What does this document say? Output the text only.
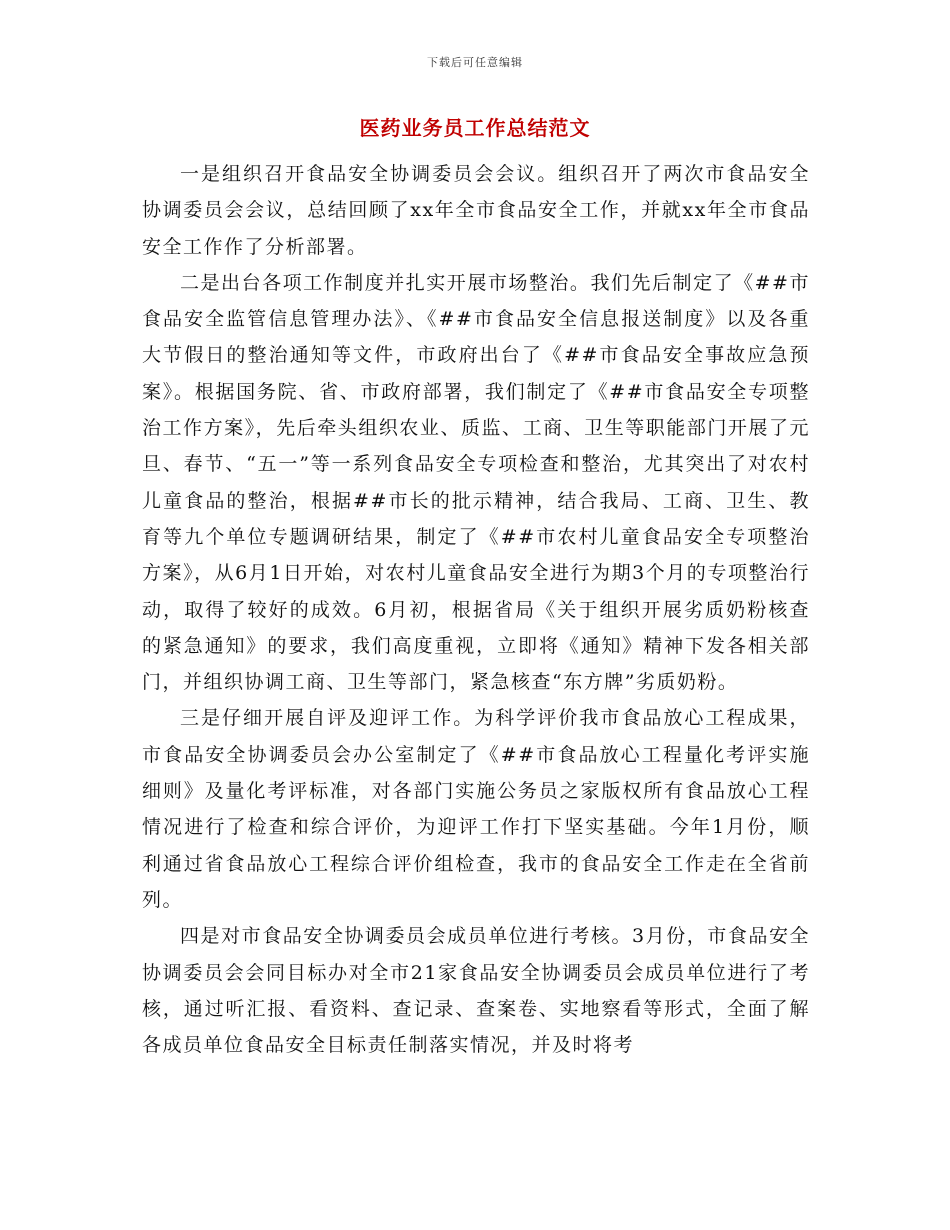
下载后可任意编辑
医药业务员工作总结范文

一是组织召开食品安全协调委员会会议。组织召开了两次市食品安全协调委员会会议，总结回顾了xx年全市食品安全工作，并就xx年全市食品安全工作作了分析部署。

二是出台各项工作制度并扎实开展市场整治。我们先后制定了《##市食品安全监管信息管理办法》、《##市食品安全信息报送制度》以及各重大节假日的整治通知等文件，市政府出台了《##市食品安全事故应急预案》。根据国务院、省、市政府部署，我们制定了《##市食品安全专项整治工作方案》，先后牵头组织农业、质监、工商、卫生等职能部门开展了元旦、春节、“五一”等一系列食品安全专项检查和整治，尤其突出了对农村儿童食品的整治，根据##市长的批示精神，结合我局、工商、卫生、教育等九个单位专题调研结果，制定了《##市农村儿童食品安全专项整治方案》，从6月1日开始，对农村儿童食品安全进行为期3个月的专项整治行动，取得了较好的成效。6月初，根据省局《关于组织开展劣质奶粉核查的紧急通知》的要求，我们高度重视，立即将《通知》精神下发各相关部门，并组织协调工商、卫生等部门，紧急核查“东方牌”劣质奶粉。

三是仔细开展自评及迎评工作。为科学评价我市食品放心工程成果，市食品安全协调委员会办公室制定了《##市食品放心工程量化考评实施细则》及量化考评标准，对各部门实施公务员之家版权所有食品放心工程情况进行了检查和综合评价，为迎评工作打下坚实基础。今年1月份，顺利通过省食品放心工程综合评价组检查，我市的食品安全工作走在全省前列。

四是对市食品安全协调委员会成员单位进行考核。3月份，市食品安全协调委员会会同目标办对全市21家食品安全协调委员会成员单位进行了考核，通过听汇报、看资料、查记录、查案卷、实地察看等形式，全面了解各成员单位食品安全目标责任制落实情况，并及时将考
